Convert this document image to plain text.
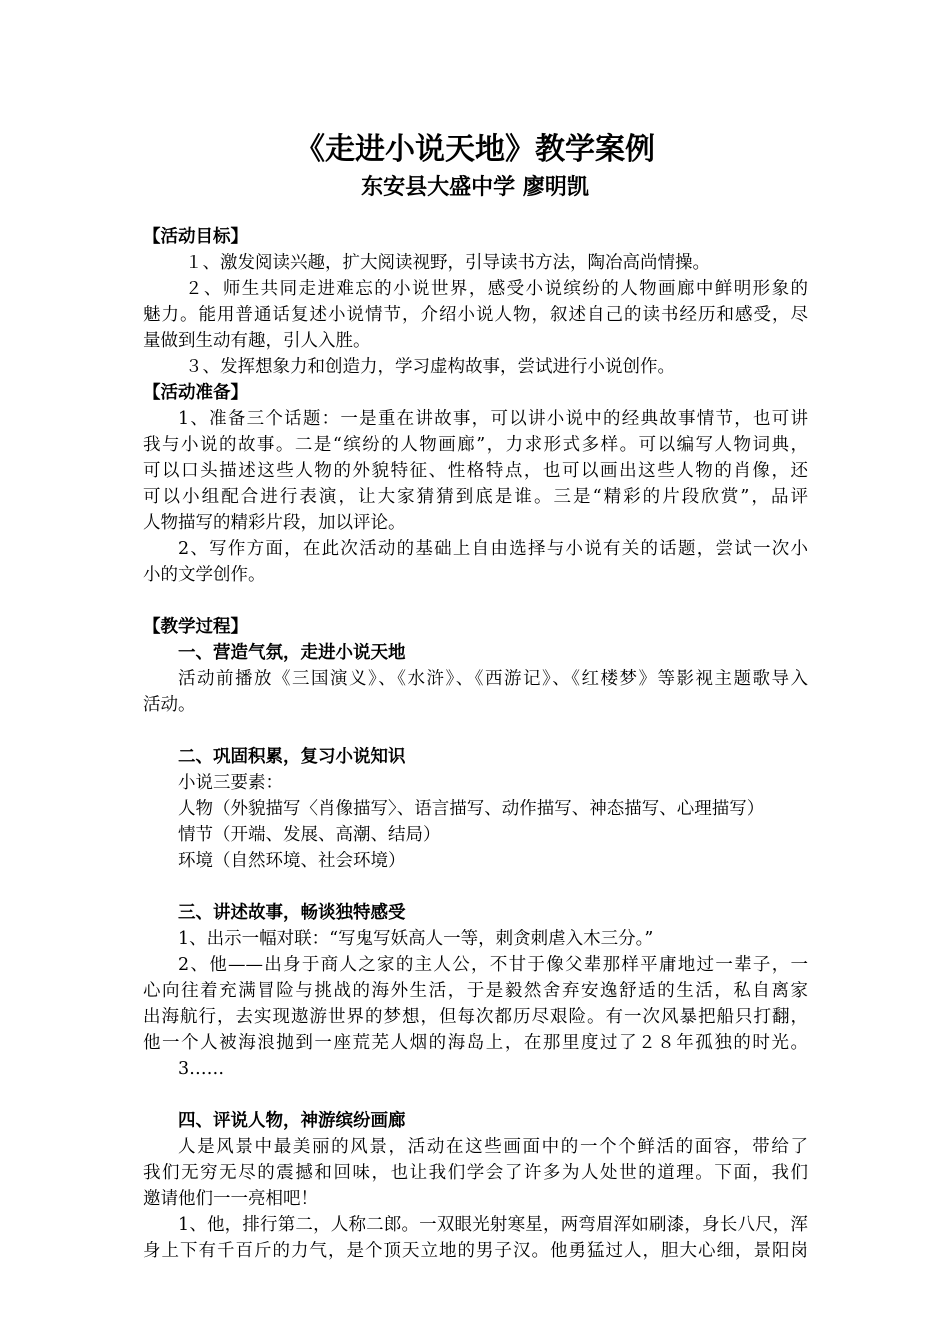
《走进小说天地》教学案例
东安县大盛中学 廖明凯
【活动目标】
１、激发阅读兴趣，扩大阅读视野，引导读书方法，陶冶高尚情操。
２、师生共同走进难忘的小说世界，感受小说缤纷的人物画廊中鲜明形象的
魅力。能用普通话复述小说情节，介绍小说人物，叙述自己的读书经历和感受，尽
量做到生动有趣，引人入胜。
３、发挥想象力和创造力，学习虚构故事，尝试进行小说创作。
【活动准备】
1、准备三个话题：一是重在讲故事，可以讲小说中的经典故事情节，也可讲
我与小说的故事。二是“缤纷的人物画廊”，力求形式多样。可以编写人物词典，
可以口头描述这些人物的外貌特征、性格特点，也可以画出这些人物的肖像，还
可以小组配合进行表演，让大家猜猜到底是谁。三是“精彩的片段欣赏”，品评
人物描写的精彩片段，加以评论。
2、写作方面，在此次活动的基础上自由选择与小说有关的话题，尝试一次小
小的文学创作。
【教学过程】
一、营造气氛，走进小说天地
活动前播放《三国演义》、《水浒》、《西游记》、《红楼梦》等影视主题歌导入
活动。
二、巩固积累，复习小说知识
小说三要素：
人物（外貌描写〈肖像描写〉、语言描写、动作描写、神态描写、心理描写）
情节（开端、发展、高潮、结局）
环境（自然环境、社会环境）
三、讲述故事，畅谈独特感受
1、出示一幅对联：“写鬼写妖高人一等，刺贪刺虐入木三分。”
2、他——出身于商人之家的主人公，不甘于像父辈那样平庸地过一辈子，一
心向往着充满冒险与挑战的海外生活，于是毅然舍弃安逸舒适的生活，私自离家
出海航行，去实现遨游世界的梦想，但每次都历尽艰险。有一次风暴把船只打翻，
他一个人被海浪抛到一座荒芜人烟的海岛上，在那里度过了２８年孤独的时光。
3……
四、评说人物，神游缤纷画廊
人是风景中最美丽的风景，活动在这些画面中的一个个鲜活的面容，带给了
我们无穷无尽的震撼和回味，也让我们学会了许多为人处世的道理。下面，我们
邀请他们一一亮相吧！
1、他，排行第二，人称二郎。一双眼光射寒星，两弯眉浑如刷漆，身长八尺，浑
身上下有千百斤的力气，是个顶天立地的男子汉。他勇猛过人，胆大心细，景阳岗
